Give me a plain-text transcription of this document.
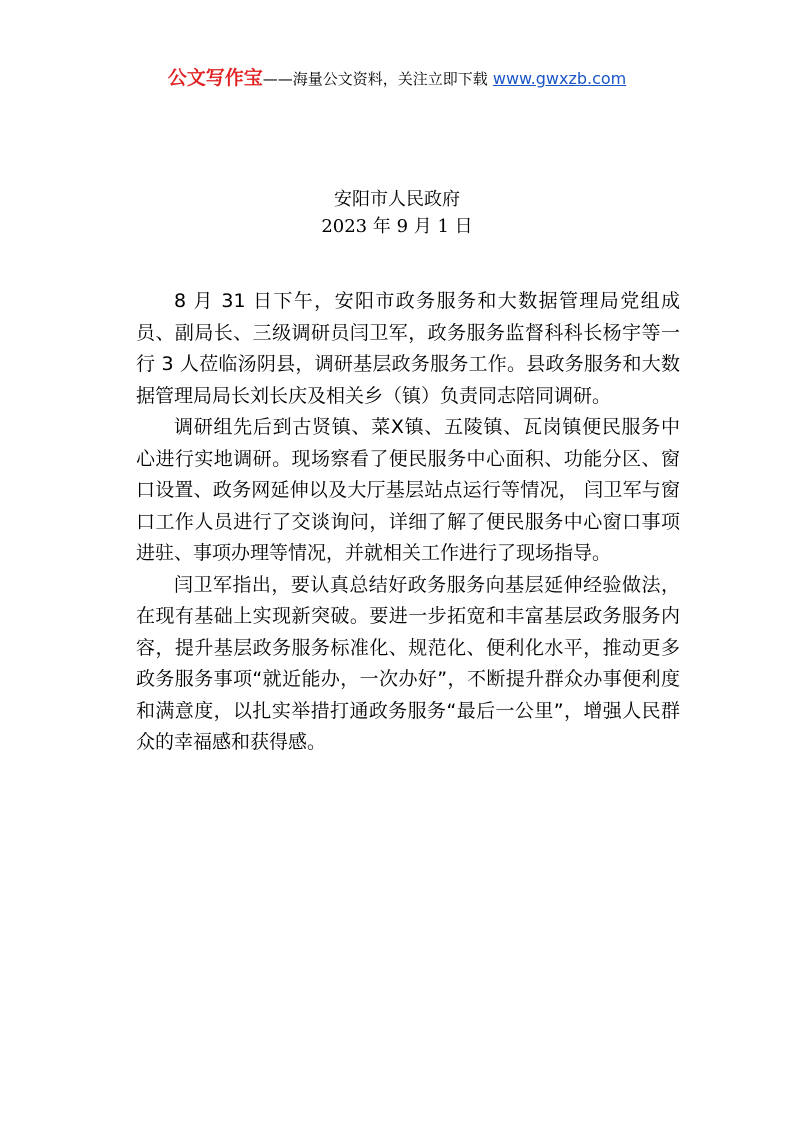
公文写作宝——海量公文资料，关注立即下载 www.gwxzb.com
安阳市人民政府
2023 年 9 月 1 日

8 月 31 日下午，安阳市政务服务和大数据管理局党组成员、副局长、三级调研员闫卫军，政务服务监督科科长杨宇等一行 3 人莅临汤阴县，调研基层政务服务工作。县政务服务和大数据管理局局长刘长庆及相关乡（镇）负责同志陪同调研。

调研组先后到古贤镇、菜X镇、五陵镇、瓦岗镇便民服务中心进行实地调研。现场察看了便民服务中心面积、功能分区、窗口设置、政务网延伸以及大厅基层站点运行等情况， 闫卫军与窗口工作人员进行了交谈询问，详细了解了便民服务中心窗口事项进驻、事项办理等情况，并就相关工作进行了现场指导。

闫卫军指出，要认真总结好政务服务向基层延伸经验做法，在现有基础上实现新突破。要进一步拓宽和丰富基层政务服务内容，提升基层政务服务标准化、规范化、便利化水平，推动更多政务服务事项“就近能办，一次办好”，不断提升群众办事便利度和满意度，以扎实举措打通政务服务“最后一公里”，增强人民群众的幸福感和获得感。
